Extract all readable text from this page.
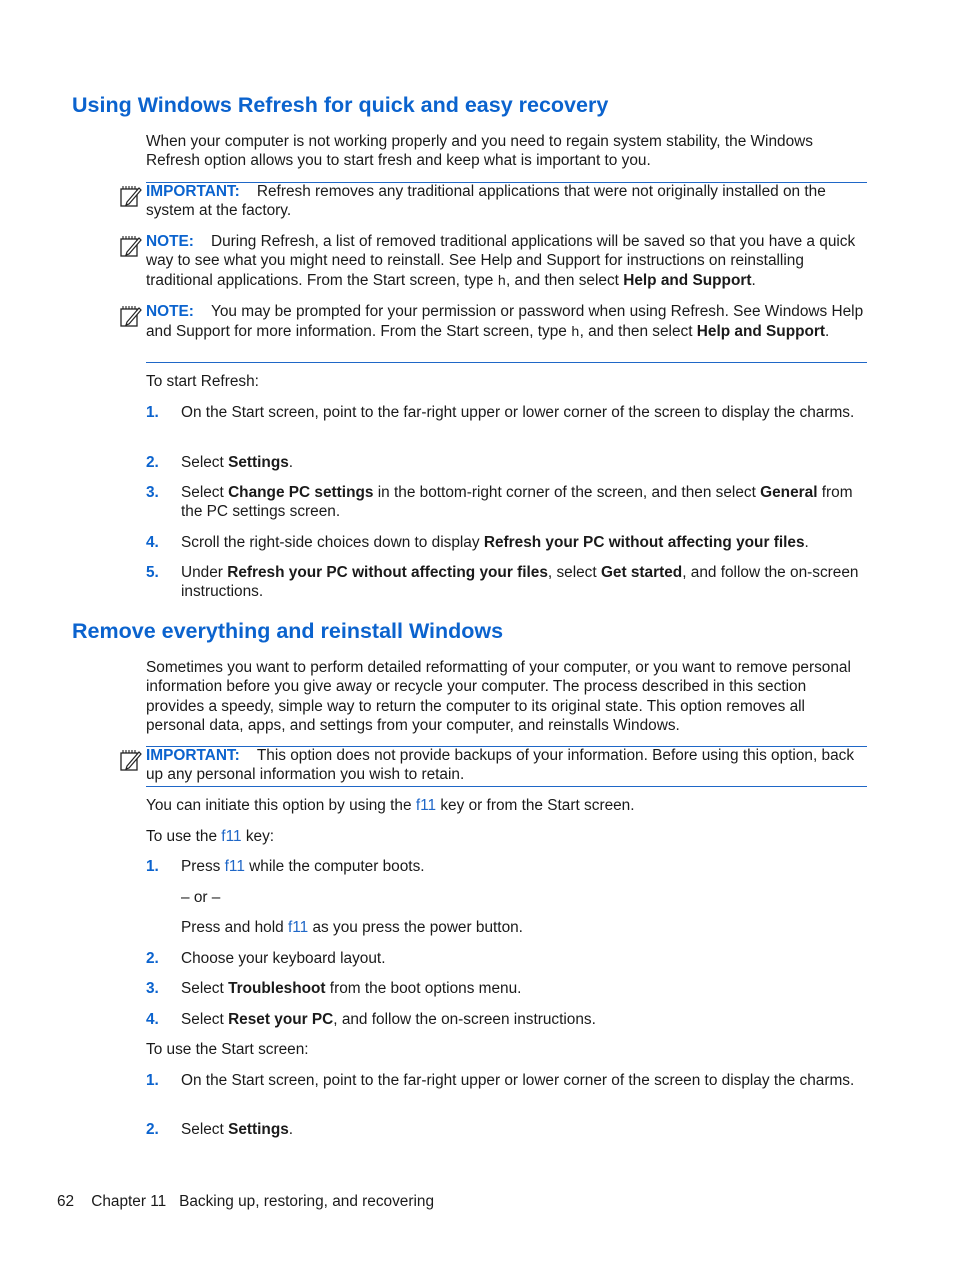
Using Windows Refresh for quick and easy recovery

When your computer is not working properly and you need to regain system stability, the Windows Refresh option allows you to start fresh and keep what is important to you.

IMPORTANT: Refresh removes any traditional applications that were not originally installed on the system at the factory.

NOTE: During Refresh, a list of removed traditional applications will be saved so that you have a quick way to see what you might need to reinstall. See Help and Support for instructions on reinstalling traditional applications. From the Start screen, type h, and then select Help and Support.

NOTE: You may be prompted for your permission or password when using Refresh. See Windows Help and Support for more information. From the Start screen, type h, and then select Help and Support.

To start Refresh:

1. On the Start screen, point to the far-right upper or lower corner of the screen to display the charms.

2. Select Settings.

3. Select Change PC settings in the bottom-right corner of the screen, and then select General from the PC settings screen.

4. Scroll the right-side choices down to display Refresh your PC without affecting your files.

5. Under Refresh your PC without affecting your files, select Get started, and follow the on-screen instructions.

Remove everything and reinstall Windows

Sometimes you want to perform detailed reformatting of your computer, or you want to remove personal information before you give away or recycle your computer. The process described in this section provides a speedy, simple way to return the computer to its original state. This option removes all personal data, apps, and settings from your computer, and reinstalls Windows.

IMPORTANT: This option does not provide backups of your information. Before using this option, back up any personal information you wish to retain.

You can initiate this option by using the f11 key or from the Start screen.

To use the f11 key:

1. Press f11 while the computer boots.

– or –

Press and hold f11 as you press the power button.

2. Choose your keyboard layout.

3. Select Troubleshoot from the boot options menu.

4. Select Reset your PC, and follow the on-screen instructions.

To use the Start screen:

1. On the Start screen, point to the far-right upper or lower corner of the screen to display the charms.

2. Select Settings.

62 Chapter 11 Backing up, restoring, and recovering
